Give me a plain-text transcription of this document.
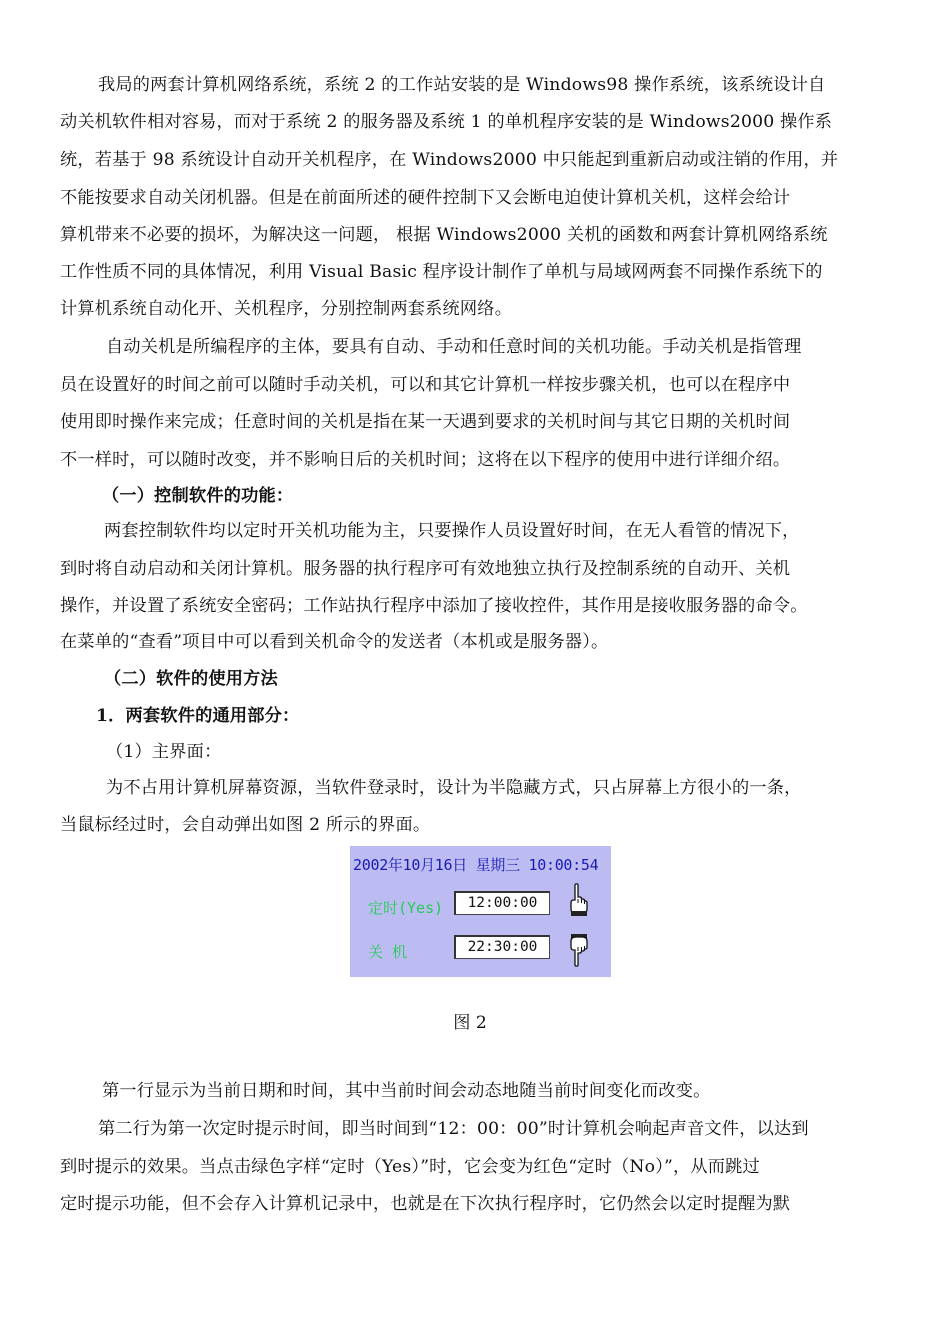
我局的两套计算机网络系统，系统 2 的工作站安装的是 Windows98 操作系统，该系统设计自
动关机软件相对容易，而对于系统 2 的服务器及系统 1 的单机程序安装的是 Windows2000 操作系
统，若基于 98 系统设计自动开关机程序，在 Windows2000 中只能起到重新启动或注销的作用，并
不能按要求自动关闭机器。但是在前面所述的硬件控制下又会断电迫使计算机关机，这样会给计
算机带来不必要的损坏，为解决这一问题， 根据 Windows2000 关机的函数和两套计算机网络系统
工作性质不同的具体情况，利用 Visual Basic 程序设计制作了单机与局域网两套不同操作系统下的
计算机系统自动化开、关机程序，分别控制两套系统网络。
自动关机是所编程序的主体，要具有自动、手动和任意时间的关机功能。手动关机是指管理
员在设置好的时间之前可以随时手动关机，可以和其它计算机一样按步骤关机，也可以在程序中
使用即时操作来完成；任意时间的关机是指在某一天遇到要求的关机时间与其它日期的关机时间
不一样时，可以随时改变，并不影响日后的关机时间；这将在以下程序的使用中进行详细介绍。
（一）控制软件的功能：
两套控制软件均以定时开关机功能为主，只要操作人员设置好时间，在无人看管的情况下，
到时将自动启动和关闭计算机。服务器的执行程序可有效地独立执行及控制系统的自动开、关机
操作，并设置了系统安全密码；工作站执行程序中添加了接收控件，其作用是接收服务器的命令。
在菜单的“查看”项目中可以看到关机命令的发送者（本机或是服务器）。
（二）软件的使用方法
1．两套软件的通用部分：
（1）主界面：
为不占用计算机屏幕资源，当软件登录时，设计为半隐藏方式，只占屏幕上方很小的一条，
当鼠标经过时，会自动弹出如图 2 所示的界面。
2002年10月16日 星期三 10:00:54
定时(Yes)	12:00:00
关 机	22:30:00
图 2
第一行显示为当前日期和时间，其中当前时间会动态地随当前时间变化而改变。
第二行为第一次定时提示时间，即当时间到“12：00：00”时计算机会响起声音文件，以达到
到时提示的效果。当点击绿色字样“定时（Yes）”时，它会变为红色“定时（No）”，从而跳过
定时提示功能，但不会存入计算机记录中，也就是在下次执行程序时，它仍然会以定时提醒为默
